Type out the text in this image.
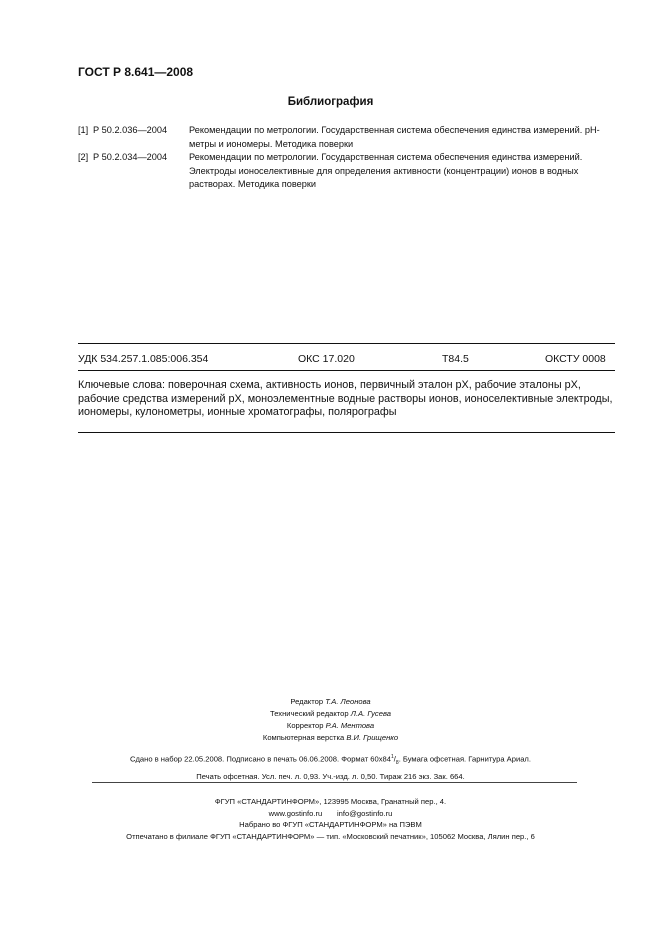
ГОСТ Р 8.641—2008
Библиография
[1] Р 50.2.036—2004	Рекомендации по метрологии. Государственная система обеспечения единства измерений. рН-метры и иономеры. Методика поверки
[2] Р 50.2.034—2004	Рекомендации по метрологии. Государственная система обеспечения единства измерений. Электроды ионоселективные для определения активности (концентрации) ионов в водных растворах. Методика поверки
УДК 534.257.1.085:006.354	ОКС 17.020	Т84.5	ОКСТУ 0008
Ключевые слова: поверочная схема, активность ионов, первичный эталон pX, рабочие эталоны pX, рабочие средства измерений pX, моноэлементные водные растворы ионов, ионоселективные электроды, иономеры, кулонометры, ионные хроматографы, полярографы
Редактор Т.А. Леонова
Технический редактор Л.А. Гусева
Корректор Р.А. Ментова
Компьютерная верстка В.И. Грищенко
Сдано в набор 22.05.2008. Подписано в печать 06.06.2008. Формат $60х84^1/_8$. Бумага офсетная. Гарнитура Ариал.
Печать офсетная. Усл. печ. л. 0,93. Уч.-изд. л. 0,50. Тираж 216 экз. Зак. 664.
ФГУП «СТАНДАРТИНФОРМ», 123995 Москва, Гранатный пер., 4.
www.gostinfo.ru info@gostinfo.ru
Набрано во ФГУП «СТАНДАРТИНФОРМ» на ПЭВМ
Отпечатано в филиале ФГУП «СТАНДАРТИНФОРМ» — тип. «Московский печатник», 105062 Москва, Лялин пер., 6
